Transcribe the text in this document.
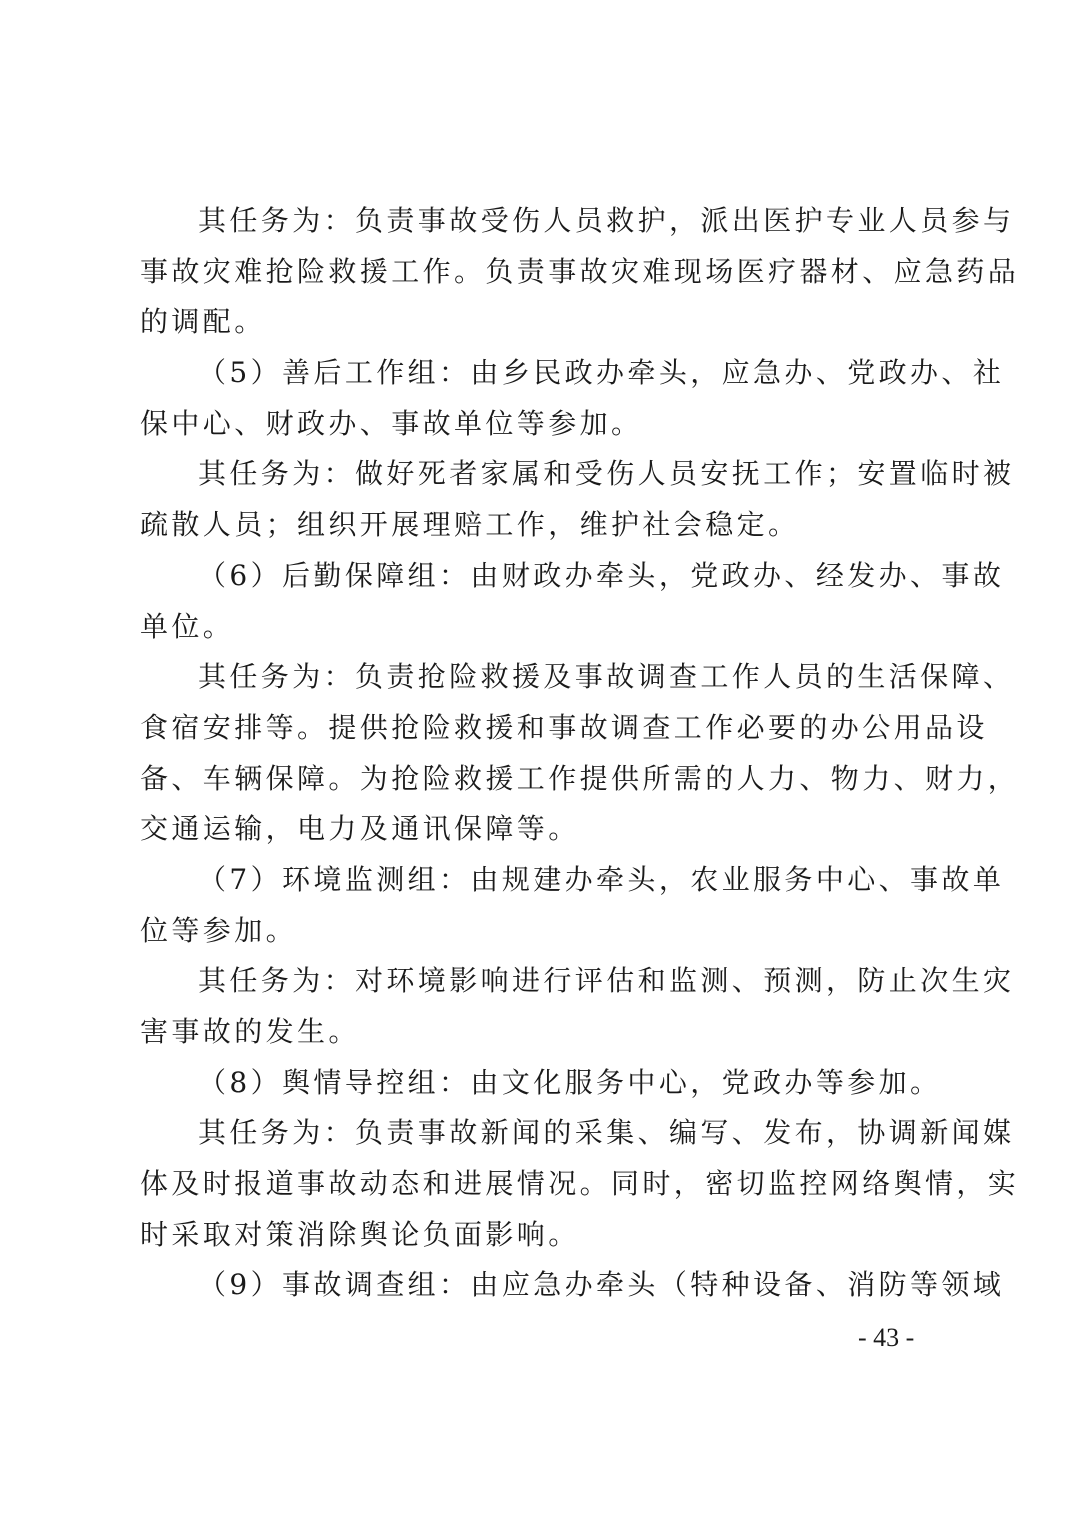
其任务为：负责事故受伤人员救护，派出医护专业人员参与
事故灾难抢险救援工作。负责事故灾难现场医疗器材、应急药品
的调配。
（5）善后工作组：由乡民政办牵头，应急办、党政办、社
保中心、财政办、事故单位等参加。
其任务为：做好死者家属和受伤人员安抚工作；安置临时被
疏散人员；组织开展理赔工作，维护社会稳定。
（6）后勤保障组：由财政办牵头，党政办、经发办、事故
单位。
其任务为：负责抢险救援及事故调查工作人员的生活保障、
食宿安排等。提供抢险救援和事故调查工作必要的办公用品设
备、车辆保障。为抢险救援工作提供所需的人力、物力、财力，
交通运输，电力及通讯保障等。
（7）环境监测组：由规建办牵头，农业服务中心、事故单
位等参加。
其任务为：对环境影响进行评估和监测、预测，防止次生灾
害事故的发生。
（8）舆情导控组：由文化服务中心，党政办等参加。
其任务为：负责事故新闻的采集、编写、发布，协调新闻媒
体及时报道事故动态和进展情况。同时，密切监控网络舆情，实
时采取对策消除舆论负面影响。
（9）事故调查组：由应急办牵头（特种设备、消防等领域
- 43 -
